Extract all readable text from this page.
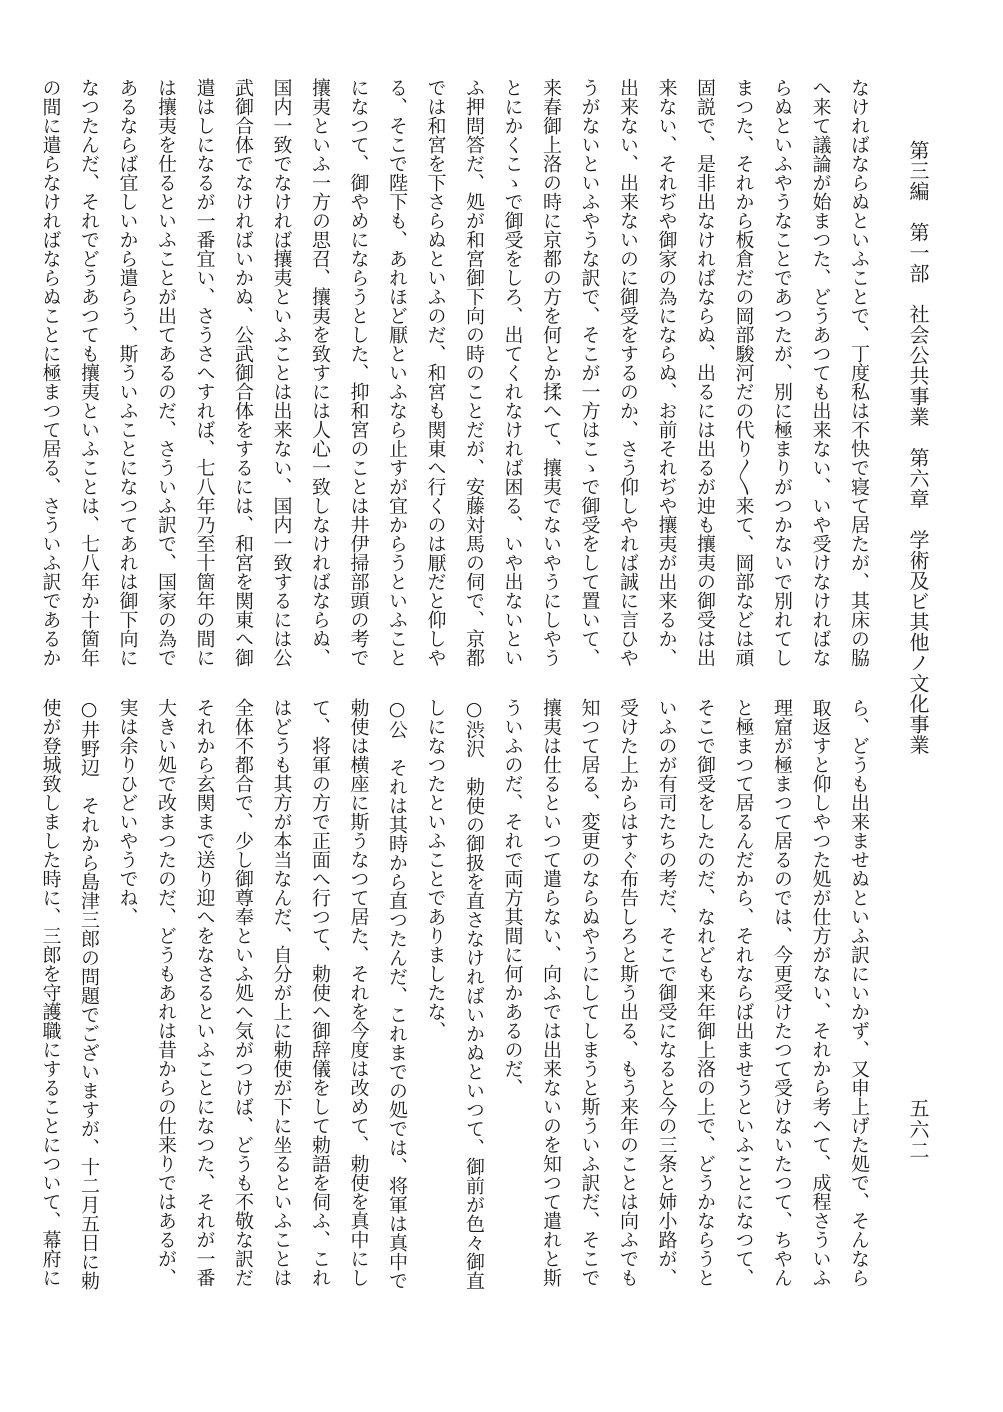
第三編　第一部　社会公共事業　第六章　学術及ビ其他ノ文化事業
五六二
なければならぬといふことで、丁度私は不快で寝て居たが、其床の脇
へ来て議論が始まつた、どうあつても出来ない、いや受けなければな
らぬといふやうなことであつたが、別に極まりがつかないで別れてし
まつた、それから板倉だの岡部駿河だの代り〳〵来て、岡部などは頑
固説で、是非出なければならぬ、出るには出るが迚も攘夷の御受は出
来ない、それぢや御家の為にならぬ、お前それぢや攘夷が出来るか、
出来ない、出来ないのに御受をするのか、さう仰しやれば誠に言ひや
うがないといふやうな訳で、そこが一方はこゝで御受をして置いて、
来春御上洛の時に京都の方を何とか揉へて、攘夷でないやうにしやう
とにかくこゝで御受をしろ、出てくれなければ困る、いや出ないとい
ふ押問答だ、処が和宮御下向の時のことだが、安藤対馬の伺で、京都
では和宮を下さらぬといふのだ、和宮も関東へ行くのは厭だと仰しや
る、そこで陛下も、あれほど厭といふなら止すが宜からうといふこと
になつて、御やめにならうとした、抑和宮のことは井伊掃部頭の考で
攘夷といふ一方の思召、攘夷を致すには人心一致しなければならぬ、
国内一致でなければ攘夷といふことは出来ない、国内一致するには公
武御合体でなければいかぬ、公武御合体をするには、和宮を関東へ御
遣はしになるが一番宜い、さうさへすれば、七八年乃至十箇年の間に
は攘夷を仕るといふことが出てあるのだ、さういふ訳で、国家の為で
あるならば宜しいから遣らう、斯ういふことになつてあれは御下向に
なつたんだ、それでどうあつても攘夷といふことは、七八年か十箇年
の間に遣らなければならぬことに極まつて居る、さういふ訳であるか
ら、どうも出来ませぬといふ訳にいかず、又申上げた処で、そんなら
取返すと仰しやつた処が仕方がない、それから考へて、成程さういふ
理窟が極まつて居るのでは、今更受けたつて受けないたつて、ちやん
と極まつて居るんだから、それならば出ませうといふことになつて、
そこで御受をしたのだ、なれども来年御上洛の上で、どうかならうと
いふのが有司たちの考だ、そこで御受になると今の三条と姉小路が、
受けた上からはすぐ布告しろと斯う出る、もう来年のことは向ふでも
知つて居る、変更のならぬやうにしてしまうと斯ういふ訳だ、そこで
攘夷は仕るといつて遣らない、向ふでは出来ないのを知つて遣れと斯
ういふのだ、それで両方其間に何かあるのだ、
○渋沢　勅使の御扱を直さなければいかぬといつて、御前が色々御直
しになつたといふことでありましたな、
○公　それは其時から直つたんだ、これまでの処では、将軍は真中で
勅使は横座に斯うなつて居た、それを今度は改めて、勅使を真中にし
て、将軍の方で正面へ行つて、勅使へ御辞儀をして勅語を伺ふ、これ
はどうも其方が本当なんだ、自分が上に勅使が下に坐るといふことは
全体不都合で、少し御尊奉といふ処へ気がつけば、どうも不敬な訳だ
それから玄関まで送り迎へをなさるといふことになつた、それが一番
大きい処で改まつたのだ、どうもあれは昔からの仕来りではあるが、
実は余りひどいやうでね、
○井野辺　それから島津三郎の問題でございますが、十二月五日に勅
使が登城致しました時に、三郎を守護職にすることについて、幕府に
